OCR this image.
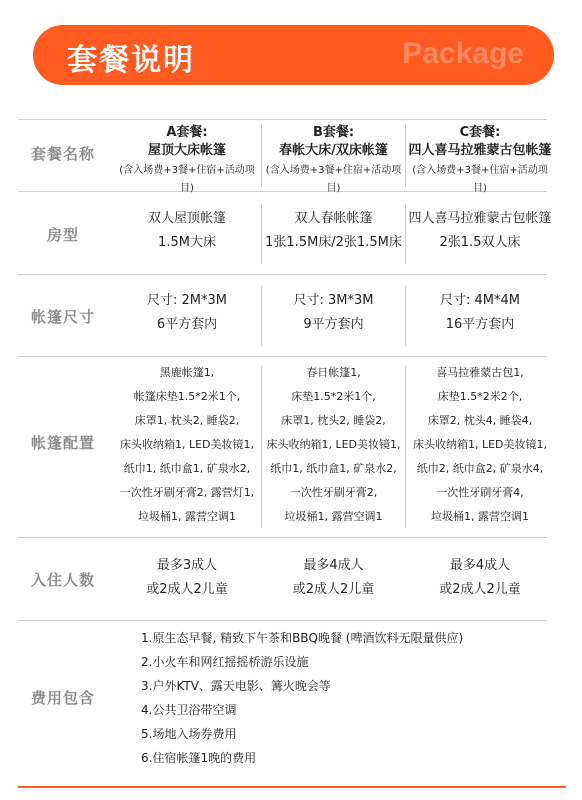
套餐说明	Package
套餐名称
房型
帐篷尺寸
帐篷配置
入住人数
费用包含
A套餐:
屋顶大床帐篷
(含入场费+3餐+住宿+活动项目)
B套餐:
春帐大床/双床帐篷
(含入场费+3餐+住宿+活动项目)
C套餐:
四人喜马拉雅蒙古包帐篷
(含入场费+3餐+住宿+活动项目)
双人屋顶帐篷
1.5M大床
双人春帐帐篷
1张1.5M床/2张1.5M床
四人喜马拉雅蒙古包帐篷
2张1.5双人床
尺寸: 2M*3M
6平方套内
尺寸: 3M*3M
9平方套内
尺寸: 4M*4M
16平方套内
黑鹿帐篷1,
帐篷床垫1.5*2米1个,
床罩1, 枕头2, 睡袋2,
床头收纳箱1, LED美妆镜1,
纸巾1, 纸巾盒1, 矿泉水2,
一次性牙刷牙膏2, 露营灯1,
垃圾桶1, 露营空调1
春日帐篷1,
床垫1.5*2米1个,
床罩1, 枕头2, 睡袋2,
床头收纳箱1, LED美妆镜1,
纸巾1, 纸巾盒1, 矿泉水2,
一次性牙刷牙膏2,
垃圾桶1, 露营空调1
喜马拉雅蒙古包1,
床垫1.5*2米2个,
床罩2, 枕头4, 睡袋4,
床头收纳箱1, LED美妆镜1,
纸巾2, 纸巾盒2, 矿泉水4,
一次性牙刷牙膏4,
垃圾桶1, 露营空调1
最多3成人
或2成人2儿童
最多4成人
或2成人2儿童
最多4成人
或2成人2儿童
1.原生态早餐, 精致下午茶和BBQ晚餐 (啤酒饮料无限量供应)
2.小火车和网红摇摇桥游乐设施
3.户外KTV、露天电影、篝火晚会等
4.公共卫浴带空调
5.场地入场券费用
6.住宿帐篷1晚的费用
